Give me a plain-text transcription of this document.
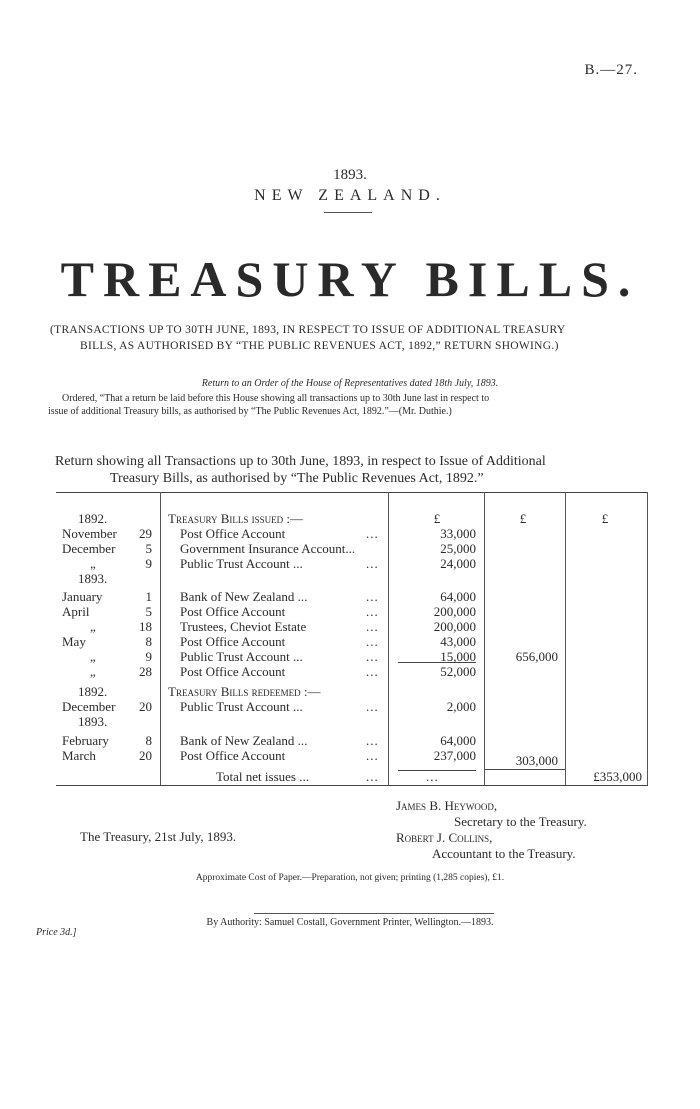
B.—27.
1893.
NEW ZEALAND.
TREASURY BILLS.
(TRANSACTIONS UP TO 30TH JUNE, 1893, IN RESPECT TO ISSUE OF ADDITIONAL TREASURY
BILLS, AS AUTHORISED BY “THE PUBLIC REVENUES ACT, 1892,” RETURN SHOWING.)
Return to an Order of the House of Representatives dated 18th July, 1893.
Ordered, “That a return be laid before this House showing all transactions up to 30th June last in respect to
issue of additional Treasury bills, as authorised by “The Public Revenues Act, 1892.”—(Mr. Duthie.)
Return showing all Transactions up to 30th June, 1893, in respect to Issue of Additional
Treasury Bills, as authorised by “The Public Revenues Act, 1892.”
£	£	£
1892.	Treasury Bills issued :—
November	29 Post Office Account	...	33,000
December	5 Government Insurance Account...	25,000
„	9 Public Trust Account ...	...	24,000
1893.
January	1 Bank of New Zealand ...	...	64,000
April	5 Post Office Account	...	200,000
„	18 Trustees, Cheviot Estate	...	200,000
May	8 Post Office Account	...	43,000
„	9 Public Trust Account ...	...	15,000
„	28 Post Office Account	...	52,000
656,000
1892.	Treasury Bills redeemed :—
December	20 Public Trust Account ...	...	2,000
1893.
February	8 Bank of New Zealand ...	...	64,000
March	20 Post Office Account	...	237,000	303,000
Total net issues ...	...	...	£353,000
James B. Heywood,
Secretary to the Treasury.
Robert J. Collins,
Accountant to the Treasury.
The Treasury, 21st July, 1893.
Approximate Cost of Paper.—Preparation, not given; printing (1,285 copies), £1.
By Authority: Samuel Costall, Government Printer, Wellington.—1893.
Price 3d.]
